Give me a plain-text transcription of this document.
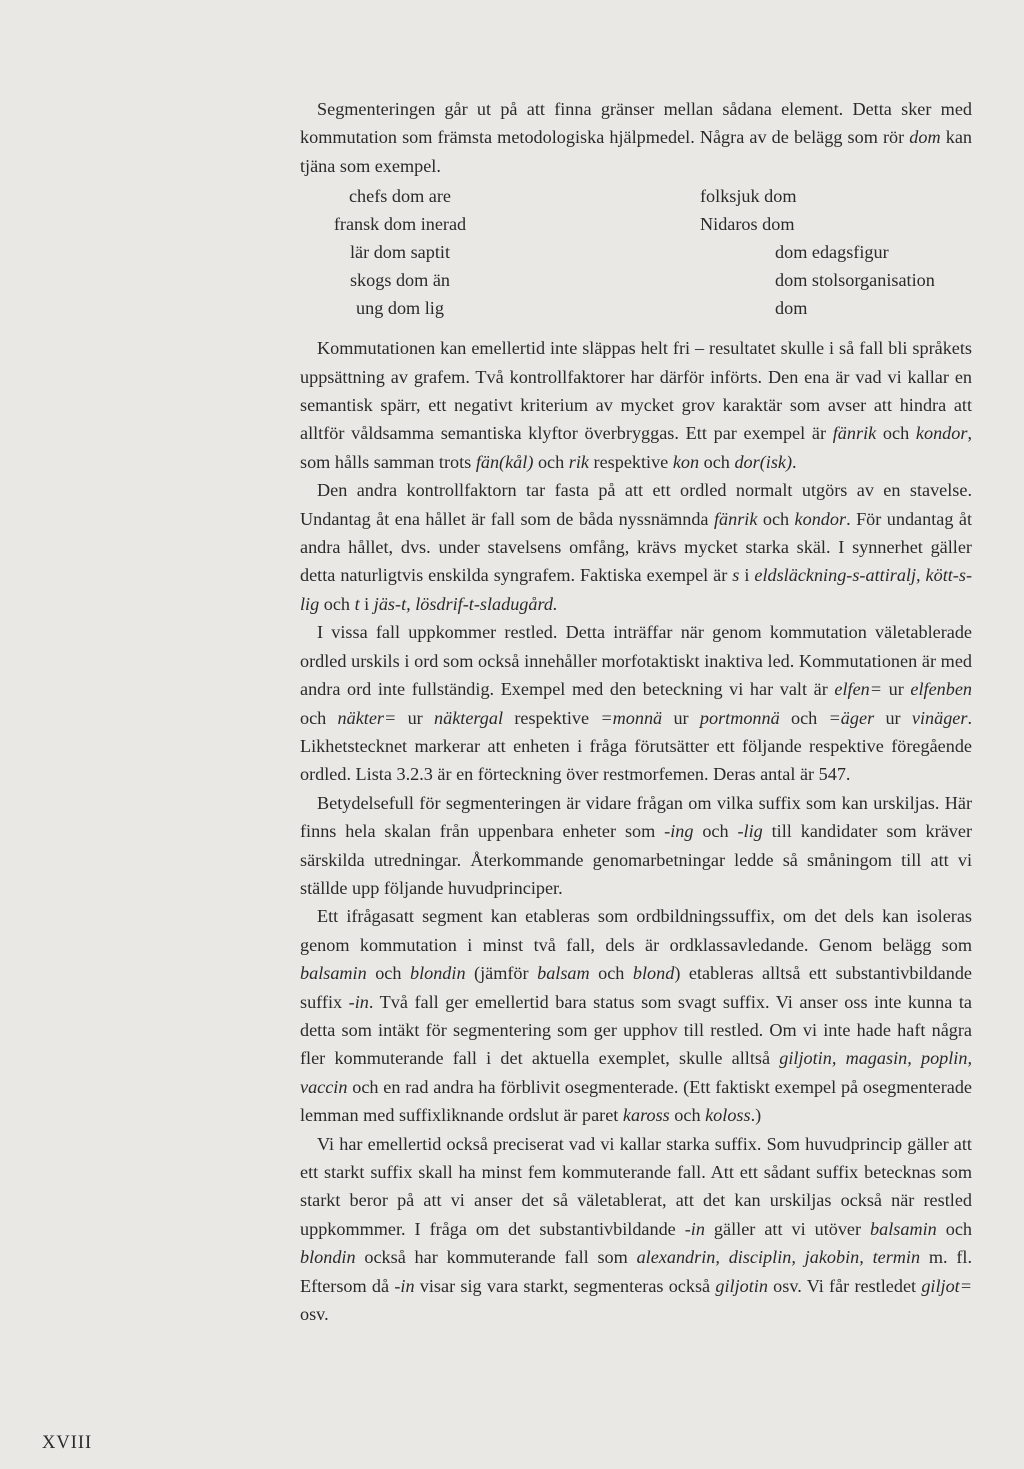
Segmenteringen går ut på att finna gränser mellan sådana element. Detta sker med kommutation som främsta metodologiska hjälpmedel. Några av de belägg som rör dom kan tjäna som exempel.

chefs dom are	folksjuk dom
fransk dom inerad	Nidaros dom
lär dom saptit	dom edagsfigur
skogs dom än	dom stolsorganisation
ung dom lig	dom

Kommutationen kan emellertid inte släppas helt fri – resultatet skulle i så fall bli språkets uppsättning av grafem. Två kontrollfaktorer har därför införts. Den ena är vad vi kallar en semantisk spärr, ett negativt kriterium av mycket grov karaktär som avser att hindra att alltför våldsamma semantiska klyftor överbryggas. Ett par exempel är fänrik och kondor, som hålls samman trots fän(kål) och rik respektive kon och dor(isk).

Den andra kontrollfaktorn tar fasta på att ett ordled normalt utgörs av en stavelse. Undantag åt ena hållet är fall som de båda nyssnämnda fänrik och kondor. För undantag åt andra hållet, dvs. under stavelsens omfång, krävs mycket starka skäl. I synnerhet gäller detta naturligtvis enskilda syngrafem. Faktiska exempel är s i eldsläckning-s-attiralj, kött-s-lig och t i jäs-t, lösdrif-t-sladugård.

I vissa fall uppkommer restled. Detta inträffar när genom kommutation väletablerade ordled urskils i ord som också innehåller morfotaktiskt inaktiva led. Kommutationen är med andra ord inte fullständig. Exempel med den beteckning vi har valt är elfen= ur elfenben och näkter= ur näktergal respektive =monnä ur portmonnä och =äger ur vinäger. Likhetstecknet markerar att enheten i fråga förutsätter ett följande respektive föregående ordled. Lista 3.2.3 är en förteckning över restmorfemen. Deras antal är 547.

Betydelsefull för segmenteringen är vidare frågan om vilka suffix som kan urskiljas. Här finns hela skalan från uppenbara enheter som -ing och -lig till kandidater som kräver särskilda utredningar. Återkommande genomarbetningar ledde så småningom till att vi ställde upp följande huvudprinciper.

Ett ifrågasatt segment kan etableras som ordbildningssuffix, om det dels kan isoleras genom kommutation i minst två fall, dels är ordklassavledande. Genom belägg som balsamin och blondin (jämför balsam och blond) etableras alltså ett substantivbildande suffix -in. Två fall ger emellertid bara status som svagt suffix. Vi anser oss inte kunna ta detta som intäkt för segmentering som ger upphov till restled. Om vi inte hade haft några fler kommuterande fall i det aktuella exemplet, skulle alltså giljotin, magasin, poplin, vaccin och en rad andra ha förblivit osegmenterade. (Ett faktiskt exempel på osegmenterade lemman med suffixliknande ordslut är paret kaross och koloss.)

Vi har emellertid också preciserat vad vi kallar starka suffix. Som huvudprincip gäller att ett starkt suffix skall ha minst fem kommuterande fall. Att ett sådant suffix betecknas som starkt beror på att vi anser det så väletablerat, att det kan urskiljas också när restled uppkommmer. I fråga om det substantivbildande -in gäller att vi utöver balsamin och blondin också har kommuterande fall som alexandrin, disciplin, jakobin, termin m. fl. Eftersom då -in visar sig vara starkt, segmenteras också giljotin osv. Vi får restledet giljot= osv.

XVIII
